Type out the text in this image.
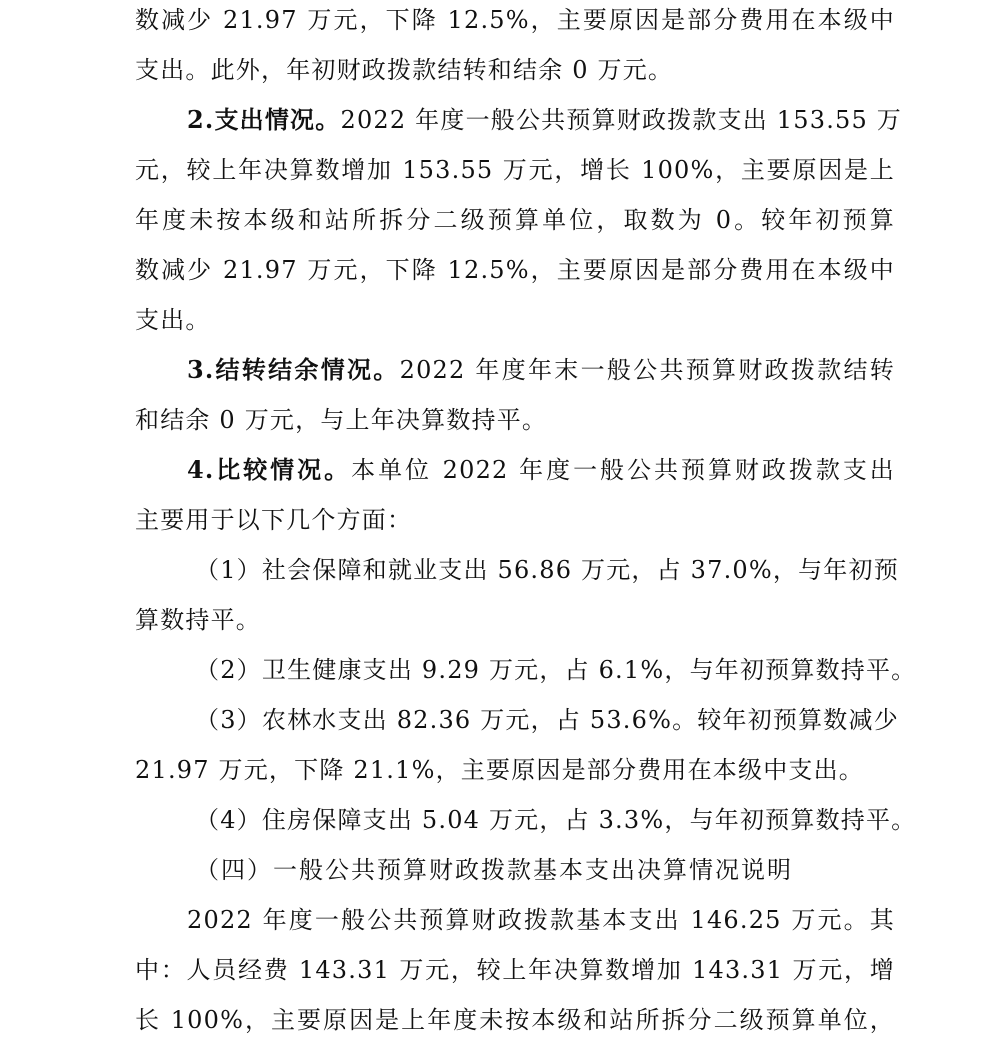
数减少 21.97 万元，下降 12.5%，主要原因是部分费用在本级中
支出。此外，年初财政拨款结转和结余 0 万元。
2.支出情况。2022 年度一般公共预算财政拨款支出 153.55 万
元，较上年决算数增加 153.55 万元，增长 100%，主要原因是上
年度未按本级和站所拆分二级预算单位，取数为 0。较年初预算
数减少 21.97 万元，下降 12.5%，主要原因是部分费用在本级中
支出。
3.结转结余情况。2022 年度年末一般公共预算财政拨款结转
和结余 0 万元，与上年决算数持平。
4.比较情况。本单位 2022 年度一般公共预算财政拨款支出
主要用于以下几个方面：
（1）社会保障和就业支出 56.86 万元，占 37.0%，与年初预
算数持平。
（2）卫生健康支出 9.29 万元，占 6.1%，与年初预算数持平。
（3）农林水支出 82.36 万元，占 53.6%。较年初预算数减少
21.97 万元，下降 21.1%，主要原因是部分费用在本级中支出。
（4）住房保障支出 5.04 万元，占 3.3%，与年初预算数持平。
（四）一般公共预算财政拨款基本支出决算情况说明
2022 年度一般公共预算财政拨款基本支出 146.25 万元。其
中：人员经费 143.31 万元，较上年决算数增加 143.31 万元，增
长 100%，主要原因是上年度未按本级和站所拆分二级预算单位，
